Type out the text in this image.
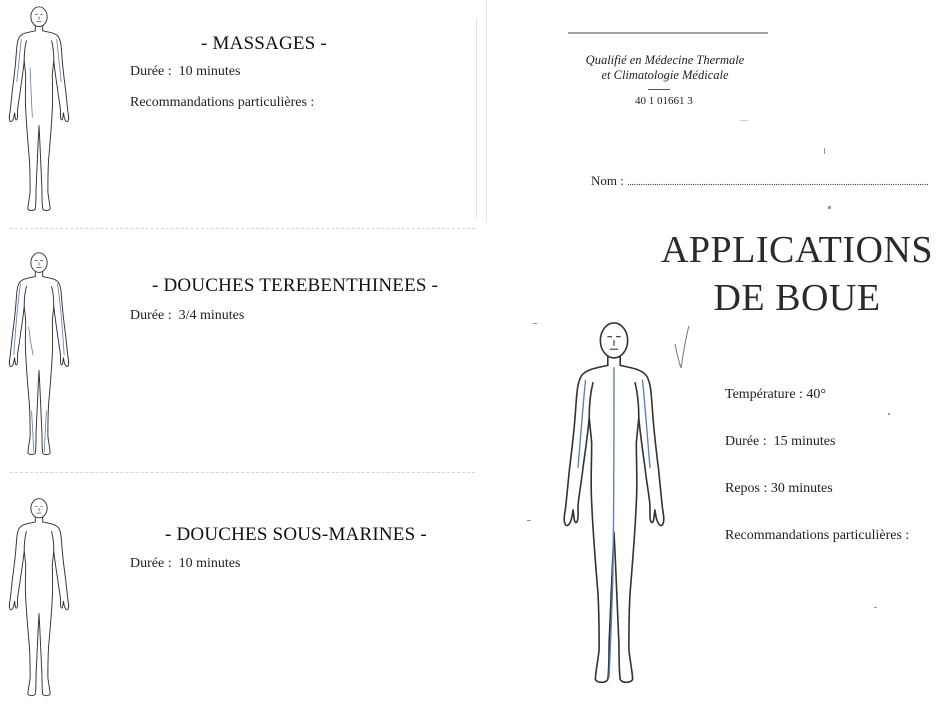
- MASSAGES -
Durée : 10 minutes
Recommandations particulières :
- DOUCHES TEREBENTHINEES -
Durée : 3/4 minutes
- DOUCHES SOUS-MARINES -
Durée : 10 minutes
Qualifié en Médecine Thermale
et Climatologie Médicale
40 1 01661 3
Nom : ......................................................................................................................................
APPLICATIONS
DE BOUE
Température : 40°
Durée : 15 minutes
Repos : 30 minutes
Recommandations particulières :
